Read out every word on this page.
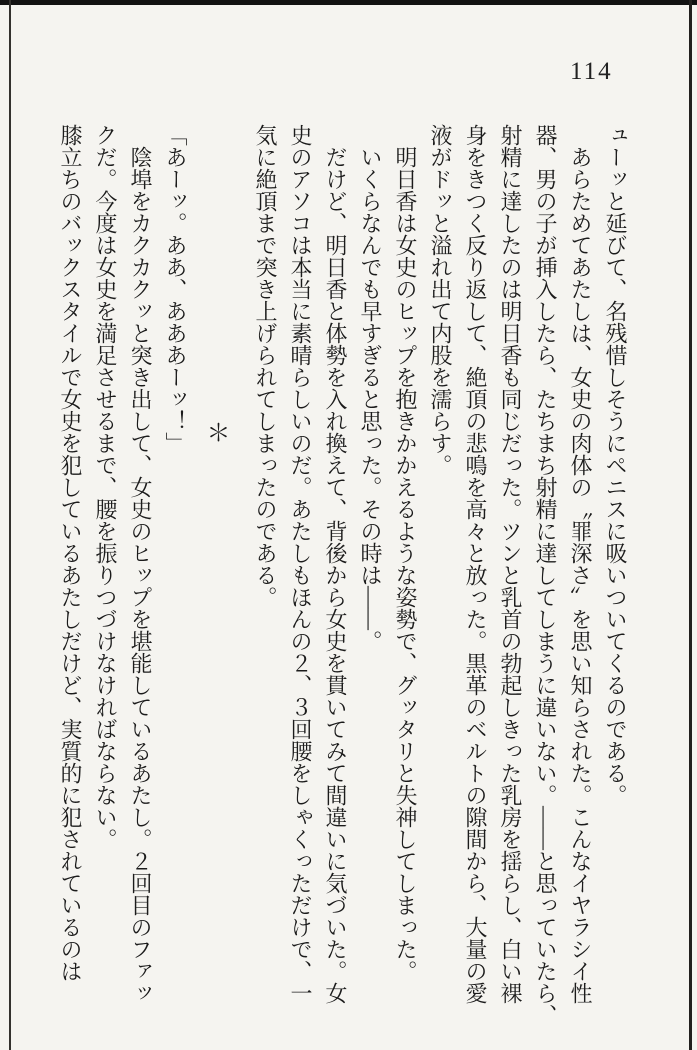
114
ューッと延びて、名残惜しそうにペニスに吸いついてくるのである。
　あらためてあたしは、女史の肉体の〝罪深さ〟を思い知らされた。こんなイヤラシイ性
器、男の子が挿入したら、たちまち射精に達してしまうに違いない。――と思っていたら、
射精に達したのは明日香も同じだった。ツンと乳首の勃起しきった乳房を揺らし、白い裸
身をきつく反り返して、絶頂の悲鳴を高々と放った。黒革のベルトの隙間から、大量の愛
液がドッと溢れ出て内股を濡らす。
　明日香は女史のヒップを抱きかかえるような姿勢で、グッタリと失神してしまった。
　いくらなんでも早すぎると思った。その時は――。
　だけど、明日香と体勢を入れ換えて、背後から女史を貫いてみて間違いに気づいた。女
史のアソコは本当に素晴らしいのだ。あたしもほんの２、３回腰をしゃくっただけで、一
気に絶頂まで突き上げられてしまったのである。
＊
「あーッ。ああ、あああーッ！」
　陰埠をカクカクッと突き出して、女史のヒップを堪能しているあたし。２回目のファッ
クだ。今度は女史を満足させるまで、腰を振りつづけなければならない。
膝立ちのバックスタイルで女史を犯しているあたしだけど、実質的に犯されているのは
